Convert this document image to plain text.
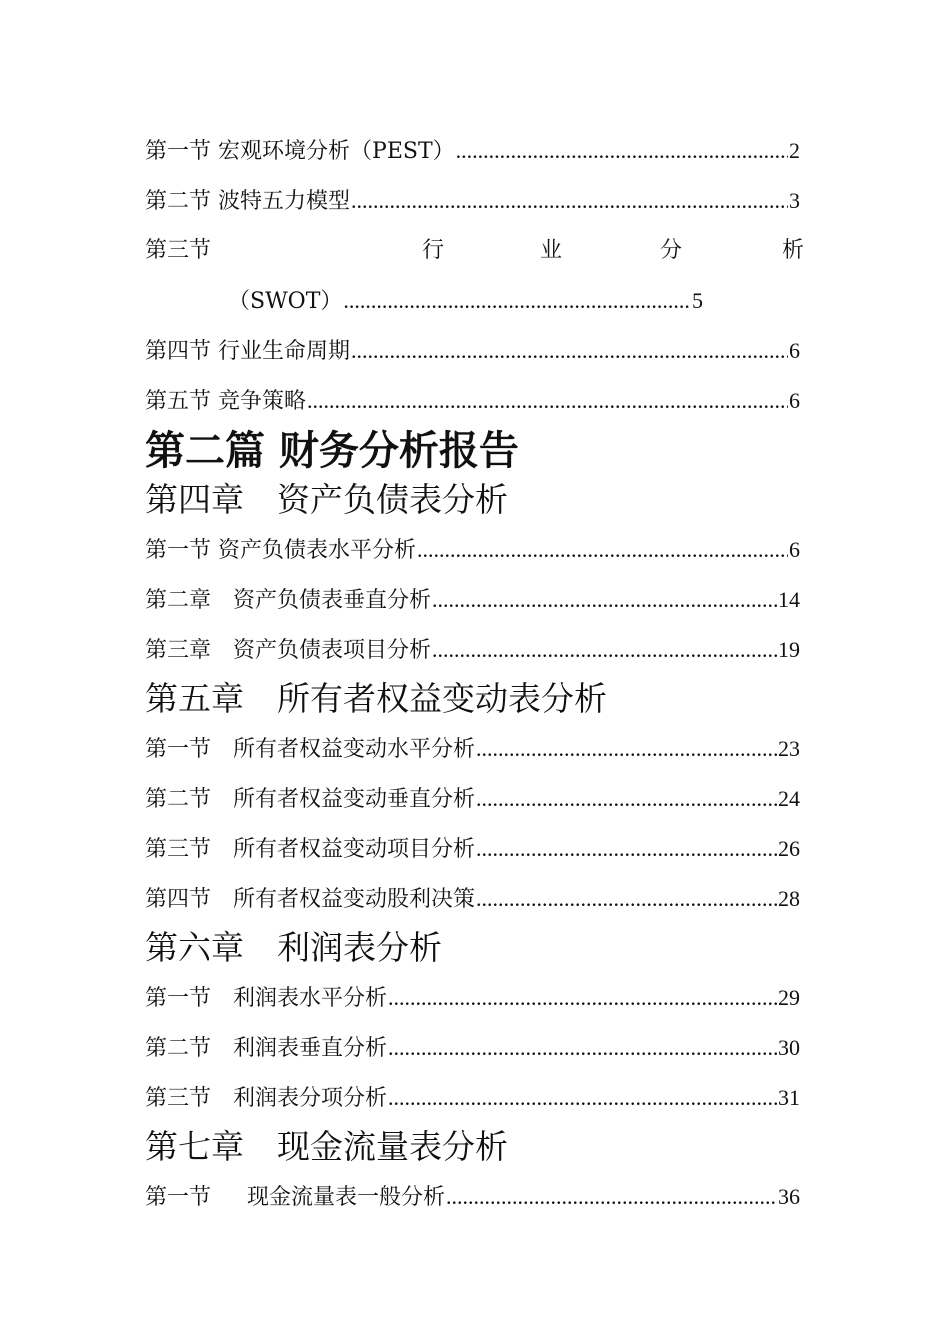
第一节 宏观环境分析（PEST） .....	2
第二节 波特五力模型 .....	3
第三节	行	业	分	析
（SWOT） .....	5
第四节 行业生命周期 .....	6
第五节 竞争策略 .....	6
第二篇 财务分析报告
第四章　资产负债表分析
第一节 资产负债表水平分析 .....	6
第二章　资产负债表垂直分析 .....	14
第三章　资产负债表项目分析 .....	19
第五章　所有者权益变动表分析
第一节　所有者权益变动水平分析 .....	23
第二节　所有者权益变动垂直分析 .....	24
第三节　所有者权益变动项目分析 .....	26
第四节　所有者权益变动股利决策 .....	28
第六章　利润表分析
第一节　利润表水平分析 .....	29
第二节　利润表垂直分析 .....	30
第三节　利润表分项分析 .....	31
第七章　现金流量表分析
第一节　  现金流量表一般分析 .....	36
